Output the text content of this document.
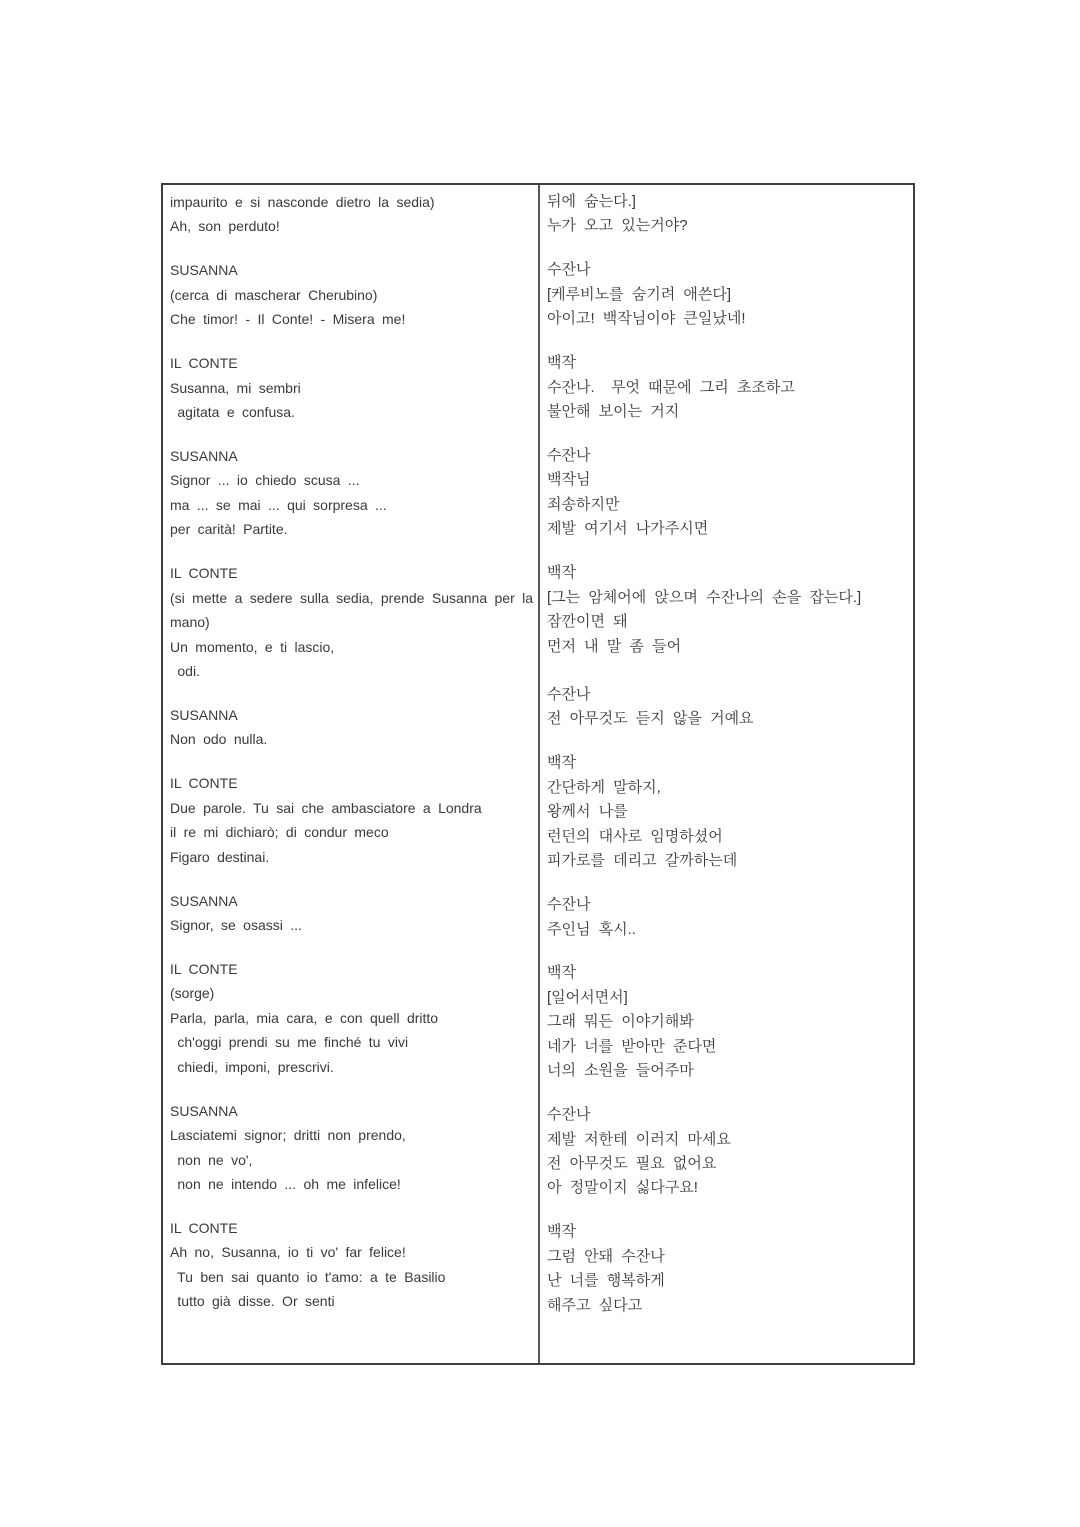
impaurito e si nasconde dietro la sedia)
Ah, son perduto!
SUSANNA
(cerca di mascherar Cherubino)
Che timor! - Il Conte! - Misera me!
IL CONTE
Susanna, mi sembri
agitata e confusa.
SUSANNA
Signor ... io chiedo scusa ...
ma ... se mai ... qui sorpresa ...
per carità! Partite.
IL CONTE
(si mette a sedere sulla sedia, prende Susanna per la
mano)
Un momento, e ti lascio,
odi.
SUSANNA
Non odo nulla.
IL CONTE
Due parole. Tu sai che ambasciatore a Londra
il re mi dichiarò; di condur meco
Figaro destinai.
SUSANNA
Signor, se osassi ...
IL CONTE
(sorge)
Parla, parla, mia cara, e con quell dritto
ch'oggi prendi su me finché tu vivi
chiedi, imponi, prescrivi.
SUSANNA
Lasciatemi signor; dritti non prendo,
non ne vo',
non ne intendo ... oh me infelice!
IL CONTE
Ah no, Susanna, io ti vo' far felice!
Tu ben sai quanto io t'amo: a te Basilio
tutto già disse. Or senti
뒤에 숨는다.]
누가 오고 있는거야?
수잔나
[케루비노를 숨기려 애쓴다]
아이고! 백작님이야 큰일났네!
백작
수잔나.  무엇 때문에 그리 초조하고
불안해 보이는 거지
수잔나
백작님
죄송하지만
제발 여기서 나가주시면
백작
[그는 암체어에 앉으며 수잔나의 손을 잡는다.]
잠깐이면 돼
먼저 내 말 좀 들어
수잔나
전 아무것도 듣지 않을 거예요
백작
간단하게 말하지,
왕께서 나를
런던의 대사로 임명하셨어
피가로를 데리고 갈까하는데
수잔나
주인님 혹시..
백작
[일어서면서]
그래 뭐든 이야기해봐
네가 너를 받아만 준다면
너의 소원을 들어주마
수잔나
제발 저한테 이러지 마세요
전 아무것도 필요 없어요
아 정말이지 싫다구요!
백작
그럼 안돼 수잔나
난 너를 행복하게
해주고 싶다고
